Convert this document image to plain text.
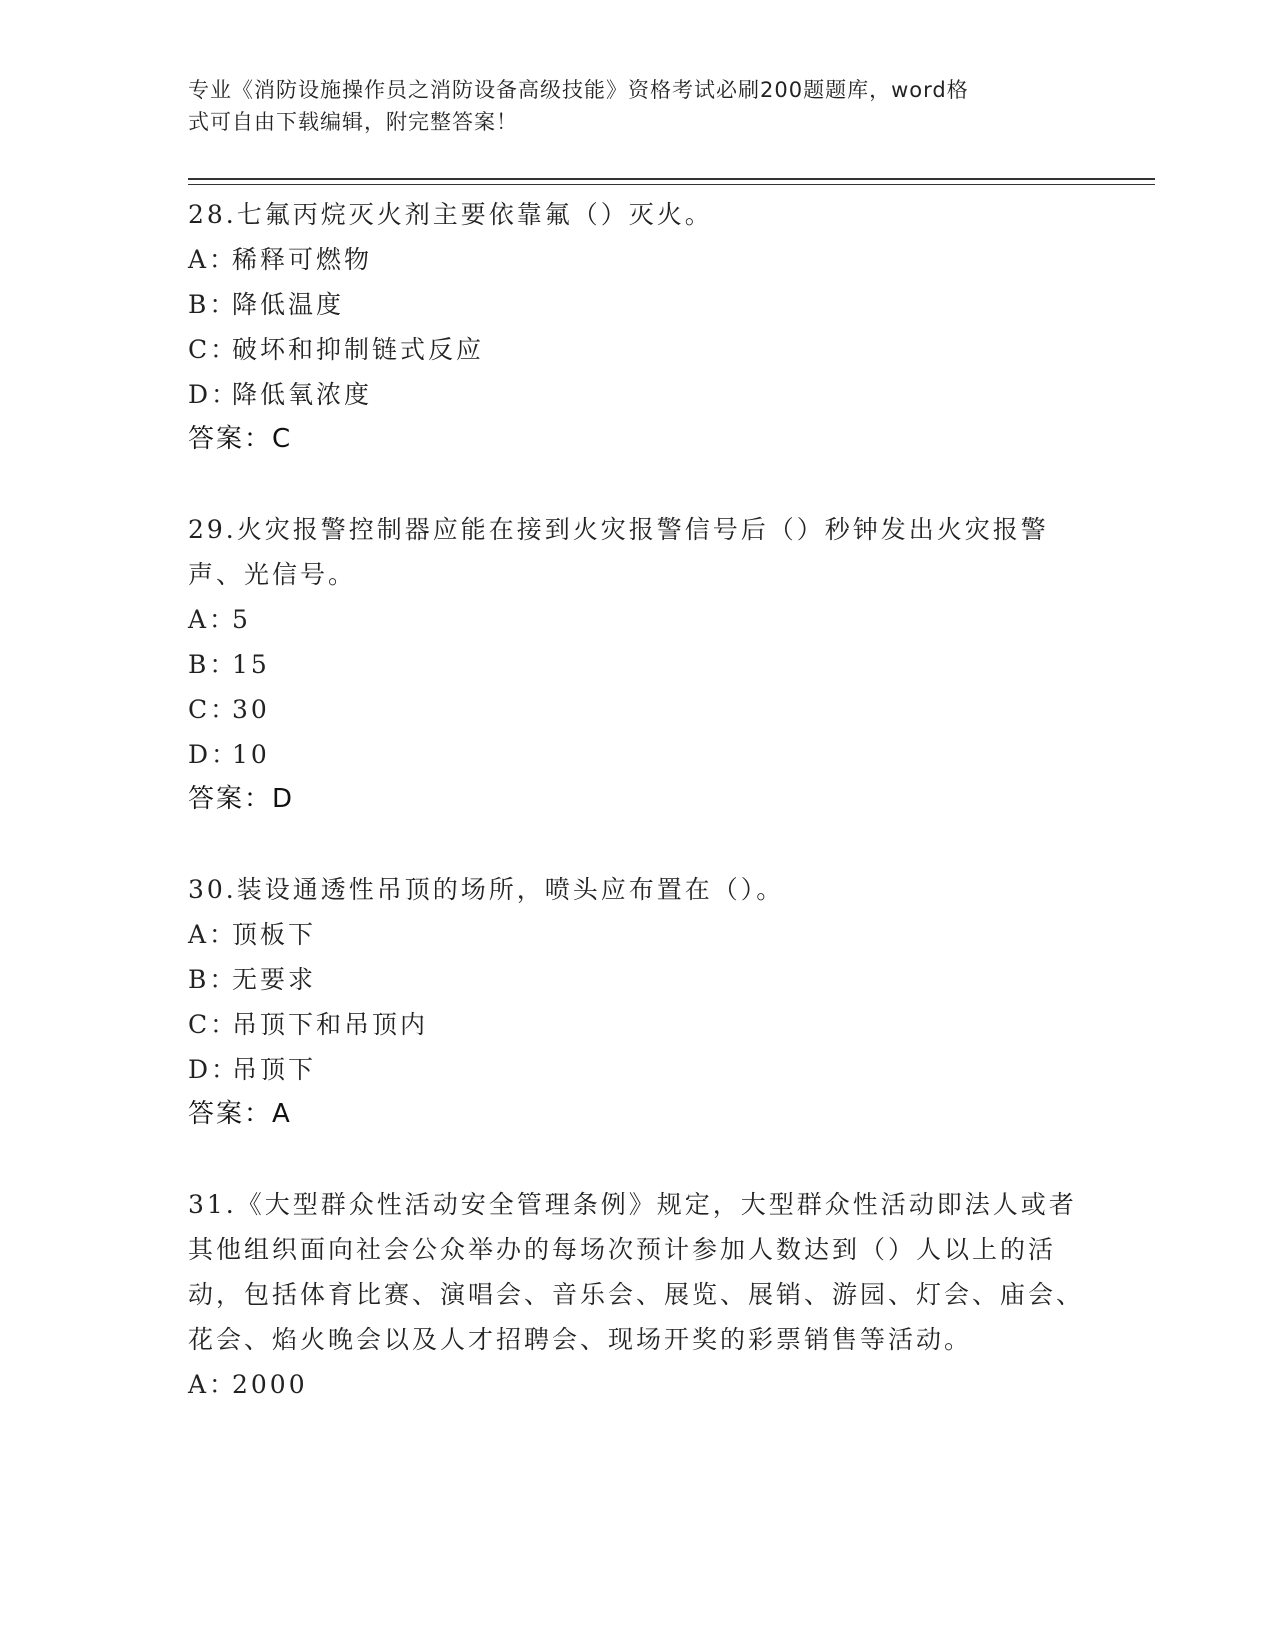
专业《消防设施操作员之消防设备高级技能》资格考试必刷200题题库，word格
式可自由下载编辑，附完整答案！
28.七氟丙烷灭火剂主要依靠氟（）灭火。
A：稀释可燃物
B：降低温度
C：破坏和抑制链式反应
D：降低氧浓度
答案：C
29.火灾报警控制器应能在接到火灾报警信号后（）秒钟发出火灾报警声、光信号。
A：5
B：15
C：30
D：10
答案：D
30.装设通透性吊顶的场所，喷头应布置在（）。
A：顶板下
B：无要求
C：吊顶下和吊顶内
D：吊顶下
答案：A
31.《大型群众性活动安全管理条例》规定，大型群众性活动即法人或者其他组织面向社会公众举办的每场次预计参加人数达到（）人以上的活动，包括体育比赛、演唱会、音乐会、展览、展销、游园、灯会、庙会、花会、焰火晚会以及人才招聘会、现场开奖的彩票销售等活动。
A：2000
